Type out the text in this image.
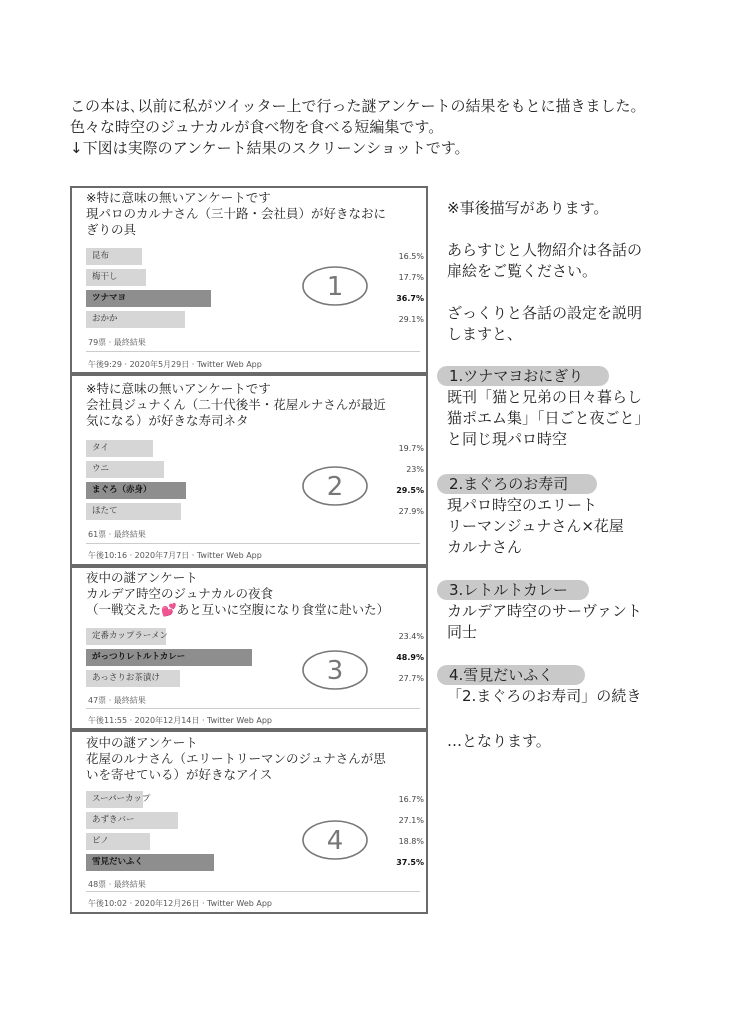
この本は､以前に私がツイッター上で行った謎アンケートの結果をもとに描きました。
色々な時空のジュナカルが食べ物を食べる短編集です。
↓下図は実際のアンケート結果のスクリーンショットです。
※特に意味の無いアンケートです
現パロのカルナさん（三十路・会社員）が好きなおに
ぎりの具
昆布	16.5%
梅干し	17.7%
ツナマヨ	36.7%
おかか	29.1%
79票 · 最終結果
午後9:29 · 2020年5月29日 · Twitter Web App
1
※特に意味の無いアンケートです
会社員ジュナくん（二十代後半・花屋ルナさんが最近
気になる）が好きな寿司ネタ
タイ	19.7%
ウニ	23%
まぐろ（赤身）	29.5%
ほたて	27.9%
61票 · 最終結果
午後10:16 · 2020年7月7日 · Twitter Web App
2
夜中の謎アンケート
カルデア時空のジュナカルの夜食
（一戦交えた💕あと互いに空腹になり食堂に赴いた）
定番カップラーメン	23.4%
がっつりレトルトカレー	48.9%
あっさりお茶漬け	27.7%
47票 · 最終結果
午後11:55 · 2020年12月14日 · Twitter Web App
3
夜中の謎アンケート
花屋のルナさん（エリートリーマンのジュナさんが思
いを寄せている）が好きなアイス
スーパーカップ	16.7%
あずきバー	27.1%
ピノ	18.8%
雪見だいふく	37.5%
48票 · 最終結果
午後10:02 · 2020年12月26日 · Twitter Web App
4
※事後描写があります。
あらすじと人物紹介は各話の
扉絵をご覧ください。
ざっくりと各話の設定を説明
しますと、
1.ツナマヨおにぎり
既刊「猫と兄弟の日々暮らし
猫ポエム集」「日ごと夜ごと」
と同じ現パロ時空
2.まぐろのお寿司
現パロ時空のエリート
リーマンジュナさん×花屋
カルナさん
3.レトルトカレー
カルデア時空のサーヴァント
同士
4.雪見だいふく
「2.まぐろのお寿司」の続き
…となります。
